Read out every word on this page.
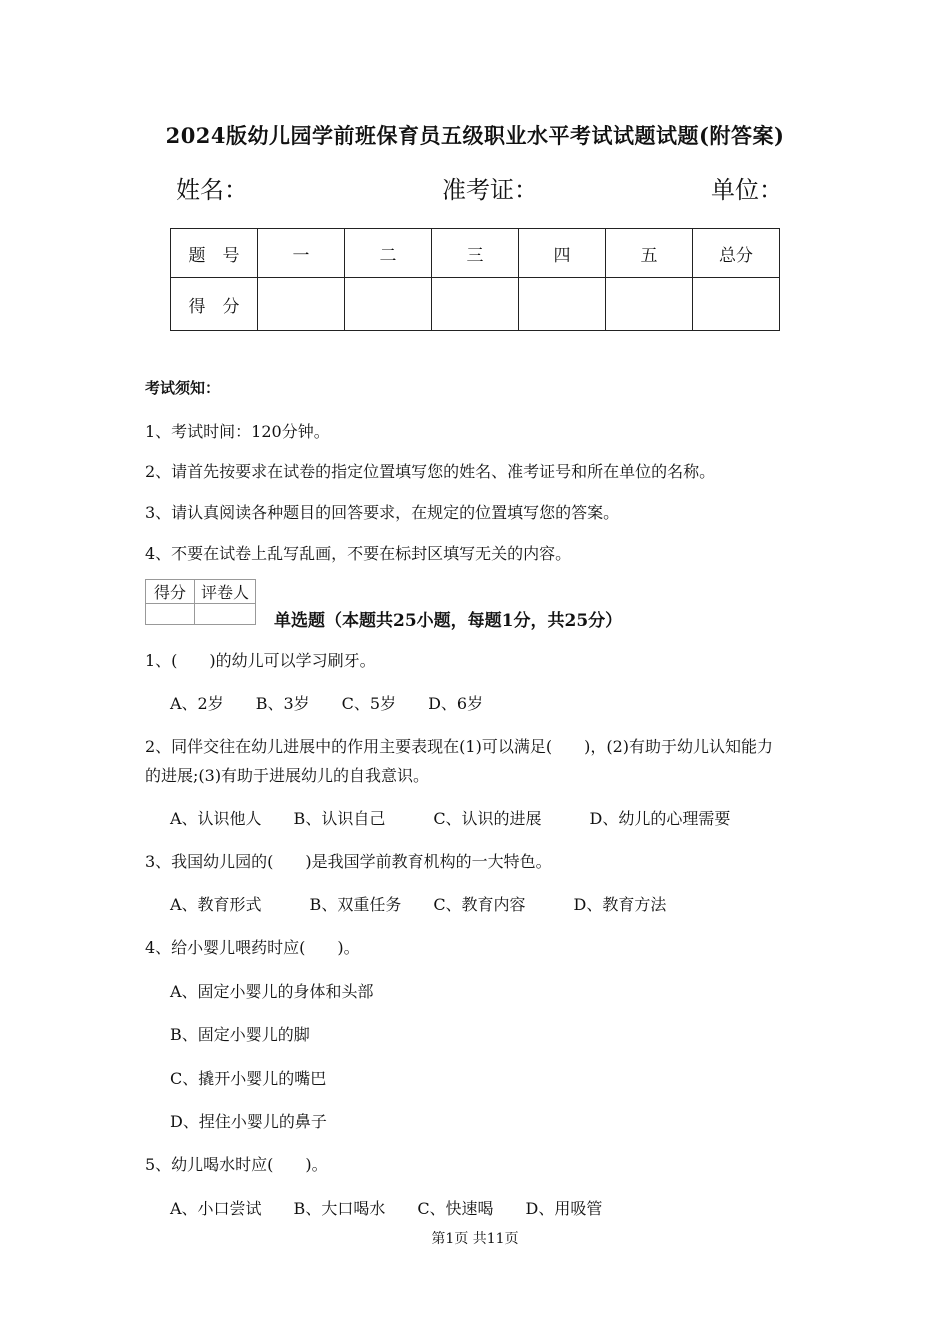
2024版幼儿园学前班保育员五级职业水平考试试题试题(附答案)
姓名：	准考证：	单位：
题　号	一	二	三	四	五	总分
得　分						
考试须知：
1、考试时间：120分钟。
2、请首先按要求在试卷的指定位置填写您的姓名、准考证号和所在单位的名称。
3、请认真阅读各种题目的回答要求，在规定的位置填写您的答案。
4、不要在试卷上乱写乱画，不要在标封区填写无关的内容。
得分	评卷人

单选题（本题共25小题，每题1分，共25分）
1、(　　)的幼儿可以学习刷牙。
A、2岁　　B、3岁　　C、5岁　　D、6岁
2、同伴交往在幼儿进展中的作用主要表现在(1)可以满足(　　)，(2)有助于幼儿认知能力
的进展;(3)有助于进展幼儿的自我意识。
A、认识他人　　B、认识自己　　　C、认识的进展　　　D、幼儿的心理需要
3、我国幼儿园的(　　)是我国学前教育机构的一大特色。
A、教育形式　　　B、双重任务　　C、教育内容　　　D、教育方法
4、给小婴儿喂药时应(　　)。
A、固定小婴儿的身体和头部
B、固定小婴儿的脚
C、撬开小婴儿的嘴巴
D、捏住小婴儿的鼻子
5、幼儿喝水时应(　　)。
A、小口尝试　　B、大口喝水　　C、快速喝　　D、用吸管
第1页 共11页
